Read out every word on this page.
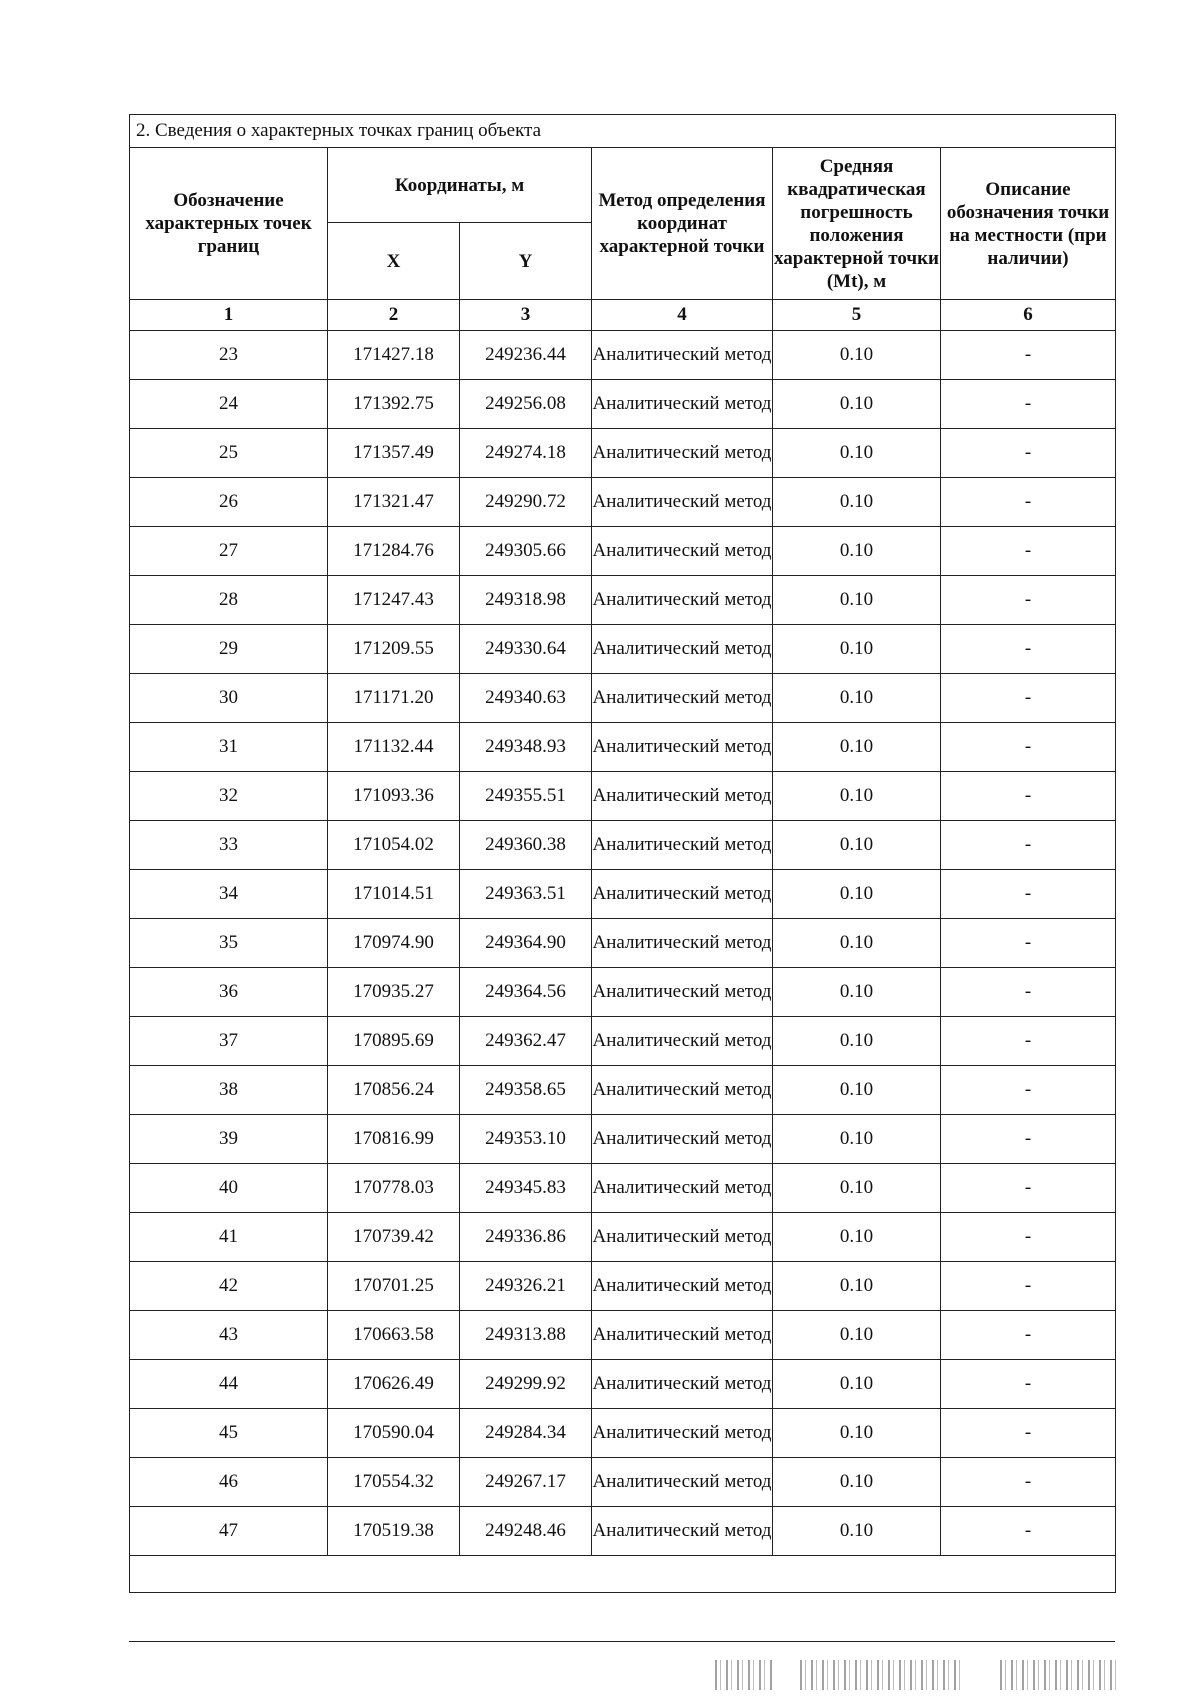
2. Сведения о характерных точках границ объекта					
Обозначение характерных точек границ	Координаты, м		Метод определения координат характерной точки	Средняя квадратическая погрешность положения характерной точки (Mt), м	Описание обозначения точки на местности (при наличии)
	X	Y			
1	2	3	4	5	6
23	171427.18	249236.44	Аналитический метод	0.10	-
24	171392.75	249256.08	Аналитический метод	0.10	-
25	171357.49	249274.18	Аналитический метод	0.10	-
26	171321.47	249290.72	Аналитический метод	0.10	-
27	171284.76	249305.66	Аналитический метод	0.10	-
28	171247.43	249318.98	Аналитический метод	0.10	-
29	171209.55	249330.64	Аналитический метод	0.10	-
30	171171.20	249340.63	Аналитический метод	0.10	-
31	171132.44	249348.93	Аналитический метод	0.10	-
32	171093.36	249355.51	Аналитический метод	0.10	-
33	171054.02	249360.38	Аналитический метод	0.10	-
34	171014.51	249363.51	Аналитический метод	0.10	-
35	170974.90	249364.90	Аналитический метод	0.10	-
36	170935.27	249364.56	Аналитический метод	0.10	-
37	170895.69	249362.47	Аналитический метод	0.10	-
38	170856.24	249358.65	Аналитический метод	0.10	-
39	170816.99	249353.10	Аналитический метод	0.10	-
40	170778.03	249345.83	Аналитический метод	0.10	-
41	170739.42	249336.86	Аналитический метод	0.10	-
42	170701.25	249326.21	Аналитический метод	0.10	-
43	170663.58	249313.88	Аналитический метод	0.10	-
44	170626.49	249299.92	Аналитический метод	0.10	-
45	170590.04	249284.34	Аналитический метод	0.10	-
46	170554.32	249267.17	Аналитический метод	0.10	-
47	170519.38	249248.46	Аналитический метод	0.10	-
